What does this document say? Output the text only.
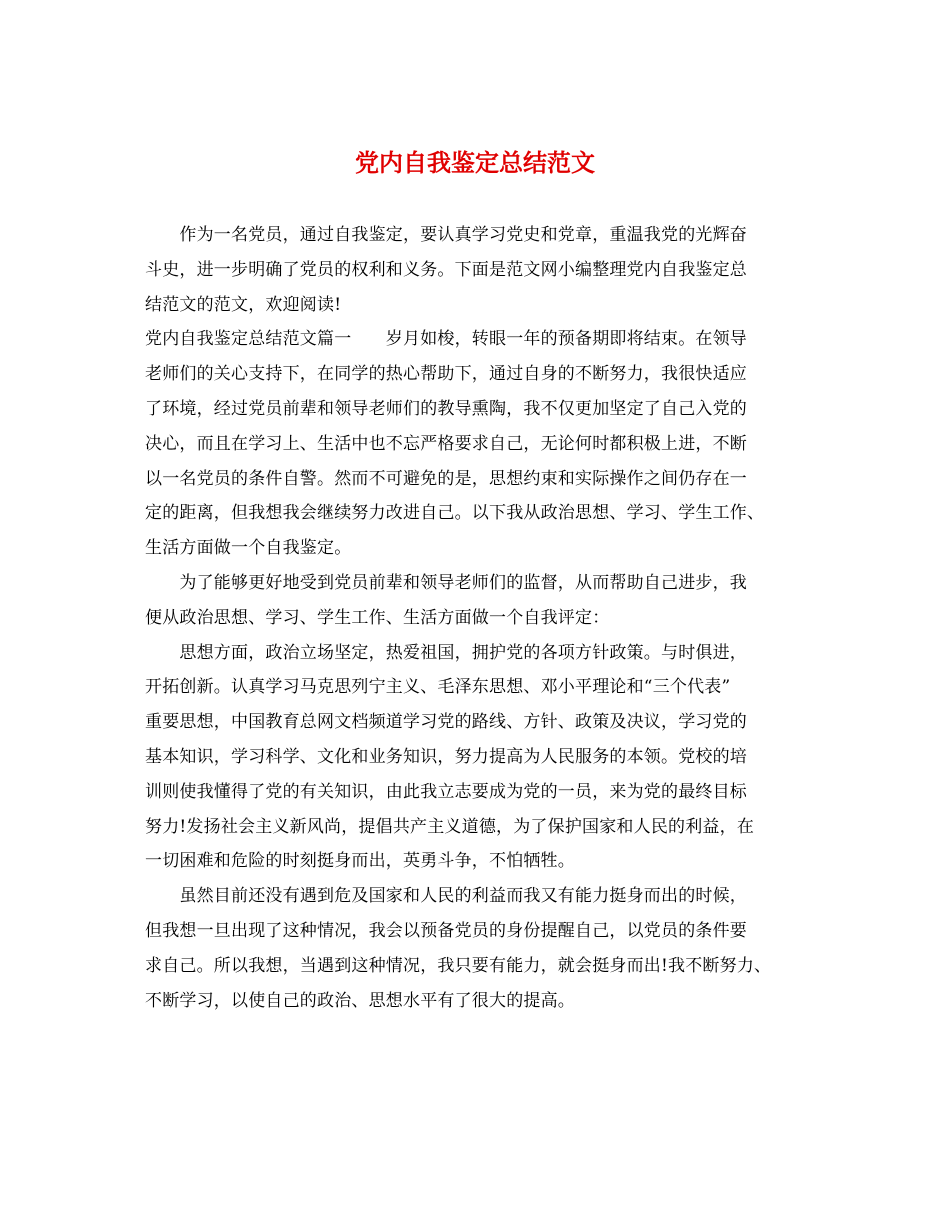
党内自我鉴定总结范文
　　作为一名党员，通过自我鉴定，要认真学习党史和党章，重温我党的光辉奋
斗史，进一步明确了党员的权利和义务。下面是范文网小编整理党内自我鉴定总
结范文的范文，欢迎阅读!
党内自我鉴定总结范文篇一　　岁月如梭，转眼一年的预备期即将结束。在领导
老师们的关心支持下，在同学的热心帮助下，通过自身的不断努力，我很快适应
了环境，经过党员前辈和领导老师们的教导熏陶，我不仅更加坚定了自己入党的
决心，而且在学习上、生活中也不忘严格要求自己，无论何时都积极上进，不断
以一名党员的条件自警。然而不可避免的是，思想约束和实际操作之间仍存在一
定的距离，但我想我会继续努力改进自己。以下我从政治思想、学习、学生工作、
生活方面做一个自我鉴定。
　　为了能够更好地受到党员前辈和领导老师们的监督，从而帮助自己进步，我
便从政治思想、学习、学生工作、生活方面做一个自我评定：
　　思想方面，政治立场坚定，热爱祖国，拥护党的各项方针政策。与时俱进，
开拓创新。认真学习马克思列宁主义、毛泽东思想、邓小平理论和“三个代表”
重要思想，中国教育总网文档频道学习党的路线、方针、政策及决议，学习党的
基本知识，学习科学、文化和业务知识，努力提高为人民服务的本领。党校的培
训则使我懂得了党的有关知识，由此我立志要成为党的一员，来为党的最终目标
努力!发扬社会主义新风尚，提倡共产主义道德，为了保护国家和人民的利益，在
一切困难和危险的时刻挺身而出，英勇斗争，不怕牺牲。
　　虽然目前还没有遇到危及国家和人民的利益而我又有能力挺身而出的时候，
但我想一旦出现了这种情况，我会以预备党员的身份提醒自己，以党员的条件要
求自己。所以我想，当遇到这种情况，我只要有能力，就会挺身而出!我不断努力、
不断学习，以使自己的政治、思想水平有了很大的提高。
